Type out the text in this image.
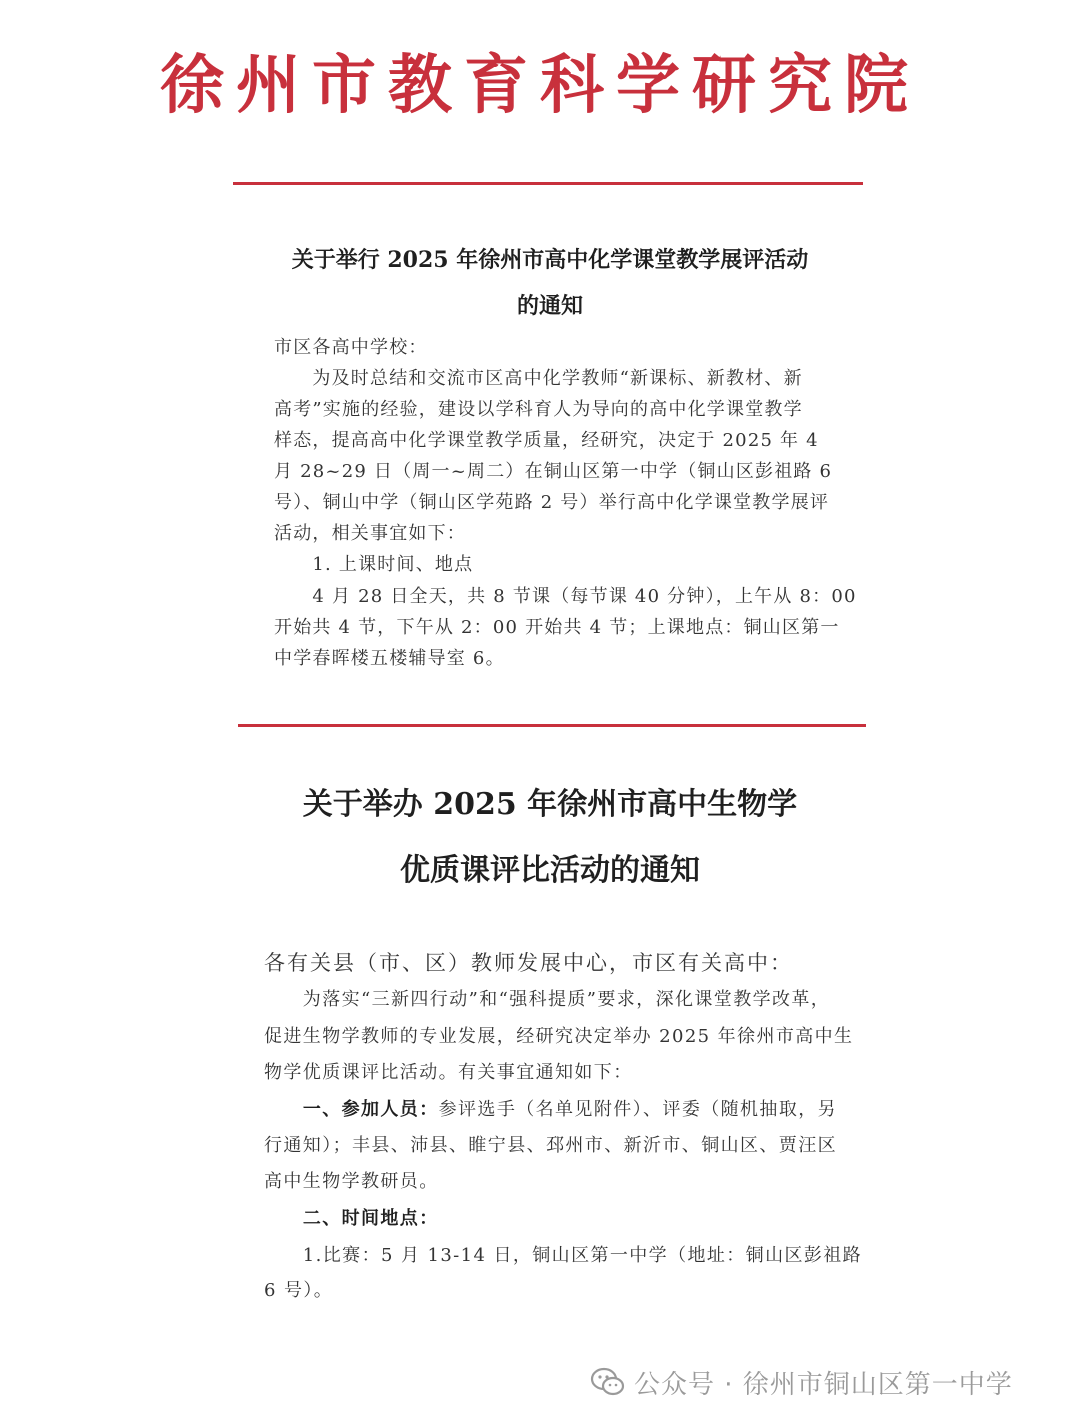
徐州市教育科学研究院
关于举行 2025 年徐州市高中化学课堂教学展评活动
的通知
市区各高中学校：
　　为及时总结和交流市区高中化学教师“新课标、新教材、新
高考”实施的经验，建设以学科育人为导向的高中化学课堂教学
样态，提高高中化学课堂教学质量，经研究，决定于 2025 年 4
月 28~29 日（周一~周二）在铜山区第一中学（铜山区彭祖路 6
号）、铜山中学（铜山区学苑路 2 号）举行高中化学课堂教学展评
活动，相关事宜如下：
　　1. 上课时间、地点
　　4 月 28 日全天，共 8 节课（每节课 40 分钟），上午从 8：00
开始共 4 节，下午从 2：00 开始共 4 节；上课地点：铜山区第一
中学春晖楼五楼辅导室 6。
关于举办 2025 年徐州市高中生物学
优质课评比活动的通知
各有关县（市、区）教师发展中心，市区有关高中：
　　为落实“三新四行动”和“强科提质”要求，深化课堂教学改革，
促进生物学教师的专业发展，经研究决定举办 2025 年徐州市高中生
物学优质课评比活动。有关事宜通知如下：
　　一、参加人员：参评选手（名单见附件）、评委（随机抽取，另
行通知）；丰县、沛县、睢宁县、邳州市、新沂市、铜山区、贾汪区
高中生物学教研员。
　　二、时间地点：
　　1.比赛：5 月 13-14 日，铜山区第一中学（地址：铜山区彭祖路
6 号）。
公众号 · 徐州市铜山区第一中学
